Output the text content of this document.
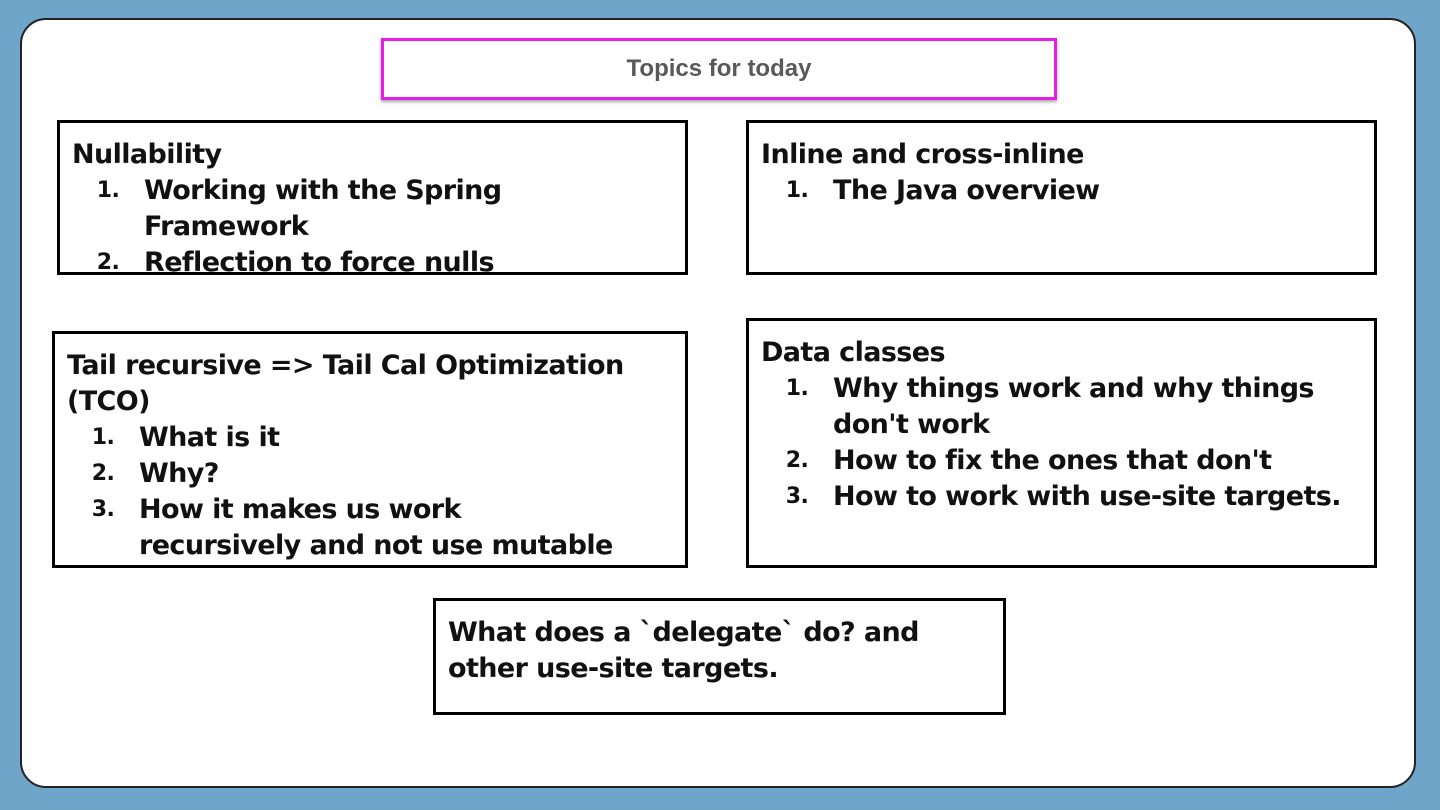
Topics for today
Nullability
1. Working with the Spring Framework
2. Reflection to force nulls
Inline and cross-inline
1. The Java overview
Tail recursive => Tail Cal Optimization (TCO)
1. What is it
2. Why?
3. How it makes us work recursively and not use mutable
Data classes
1. Why things work and why things don't work
2. How to fix the ones that don't
3. How to work with use-site targets.

What does a `delegate` do? and other use-site targets.
